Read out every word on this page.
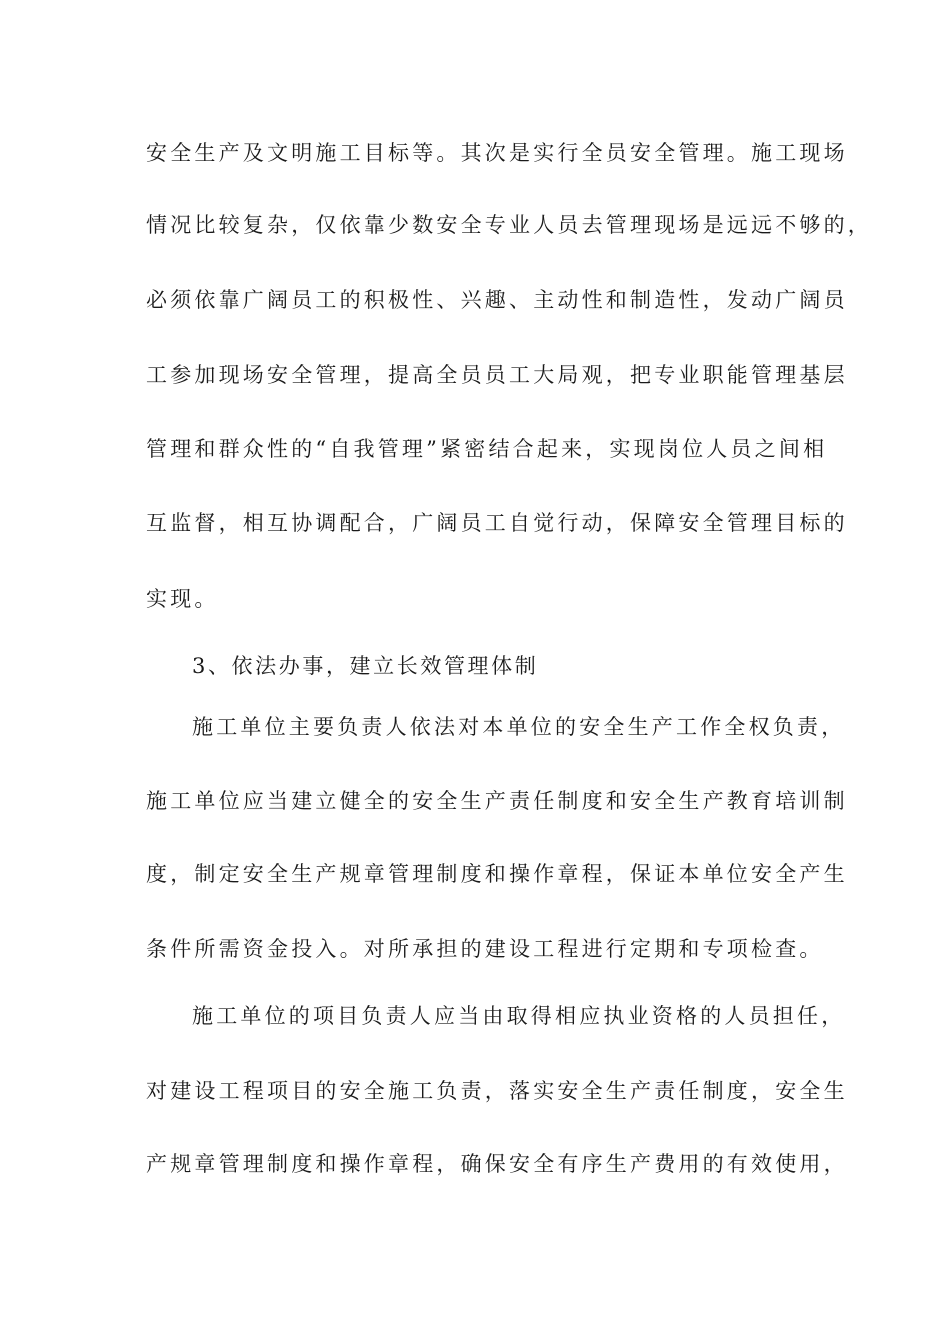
安全生产及文明施工目标等。其次是实行全员安全管理。施工现场
情况比较复杂，仅依靠少数安全专业人员去管理现场是远远不够的，
必须依靠广阔员工的积极性、兴趣、主动性和制造性，发动广阔员
工参加现场安全管理，提高全员员工大局观，把专业职能管理基层
管理和群众性的“自我管理”紧密结合起来，实现岗位人员之间相
互监督，相互协调配合，广阔员工自觉行动，保障安全管理目标的
实现。
3、依法办事，建立长效管理体制
施工单位主要负责人依法对本单位的安全生产工作全权负责，
施工单位应当建立健全的安全生产责任制度和安全生产教育培训制
度，制定安全生产规章管理制度和操作章程，保证本单位安全产生
条件所需资金投入。对所承担的建设工程进行定期和专项检查。
施工单位的项目负责人应当由取得相应执业资格的人员担任，
对建设工程项目的安全施工负责，落实安全生产责任制度，安全生
产规章管理制度和操作章程，确保安全有序生产费用的有效使用，
